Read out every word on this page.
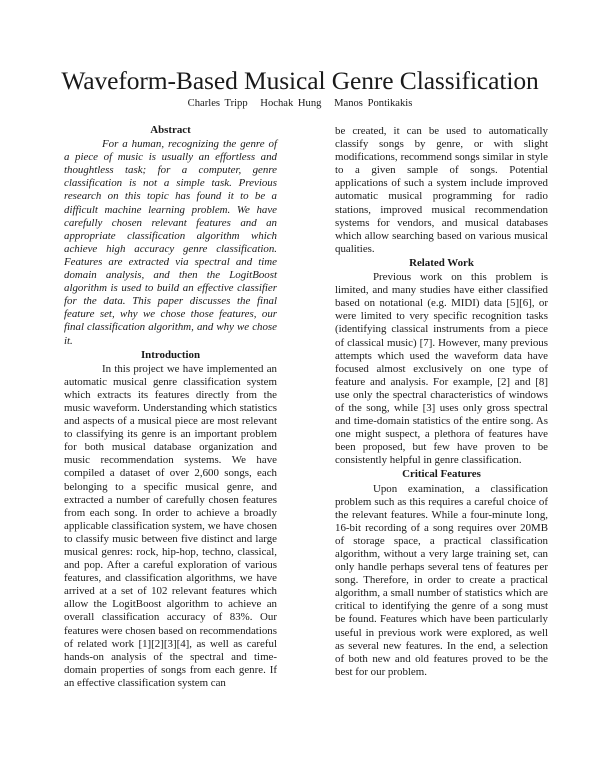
Waveform-Based Musical Genre Classification
Charles Tripp Hochak Hung Manos Pontikakis
Abstract

For a human, recognizing the genre of a piece of music is usually an effortless and thoughtless task; for a computer, genre classification is not a simple task. Previous research on this topic has found it to be a difficult machine learning problem. We have carefully chosen relevant features and an appropriate classification algorithm which achieve high accuracy genre classification. Features are extracted via spectral and time domain analysis, and then the LogitBoost algorithm is used to build an effective classifier for the data. This paper discusses the final feature set, why we chose those features, our final classification algorithm, and why we chose it.

Introduction

In this project we have implemented an automatic musical genre classification system which extracts its features directly from the music waveform. Understanding which statistics and aspects of a musical piece are most relevant to classifying its genre is an important problem for both musical database organization and music recommendation systems. We have compiled a dataset of over 2,600 songs, each belonging to a specific musical genre, and extracted a number of carefully chosen features from each song. In order to achieve a broadly applicable classification system, we have chosen to classify music between five distinct and large musical genres: rock, hip-hop, techno, classical, and pop. After a careful exploration of various features, and classification algorithms, we have arrived at a set of 102 relevant features which allow the LogitBoost algorithm to achieve an overall classification accuracy of 83%. Our features were chosen based on recommendations of related work [1][2][3][4], as well as careful hands-on analysis of the spectral and time-domain properties of songs from each genre. If an effective classification system can

be created, it can be used to automatically classify songs by genre, or with slight modifications, recommend songs similar in style to a given sample of songs. Potential applications of such a system include improved automatic musical programming for radio stations, improved musical recommendation systems for vendors, and musical databases which allow searching based on various musical qualities.

Related Work

Previous work on this problem is limited, and many studies have either classified based on notational (e.g. MIDI) data [5][6], or were limited to very specific recognition tasks (identifying classical instruments from a piece of classical music) [7]. However, many previous attempts which used the waveform data have focused almost exclusively on one type of feature and analysis. For example, [2] and [8] use only the spectral characteristics of windows of the song, while [3] uses only gross spectral and time-domain statistics of the entire song. As one might suspect, a plethora of features have been proposed, but few have proven to be consistently helpful in genre classification.

Critical Features

Upon examination, a classification problem such as this requires a careful choice of the relevant features. While a four-minute long, 16-bit recording of a song requires over 20MB of storage space, a practical classification algorithm, without a very large training set, can only handle perhaps several tens of features per song. Therefore, in order to create a practical algorithm, a small number of statistics which are critical to identifying the genre of a song must be found. Features which have been particularly useful in previous work were explored, as well as several new features. In the end, a selection of both new and old features proved to be the best for our problem.
